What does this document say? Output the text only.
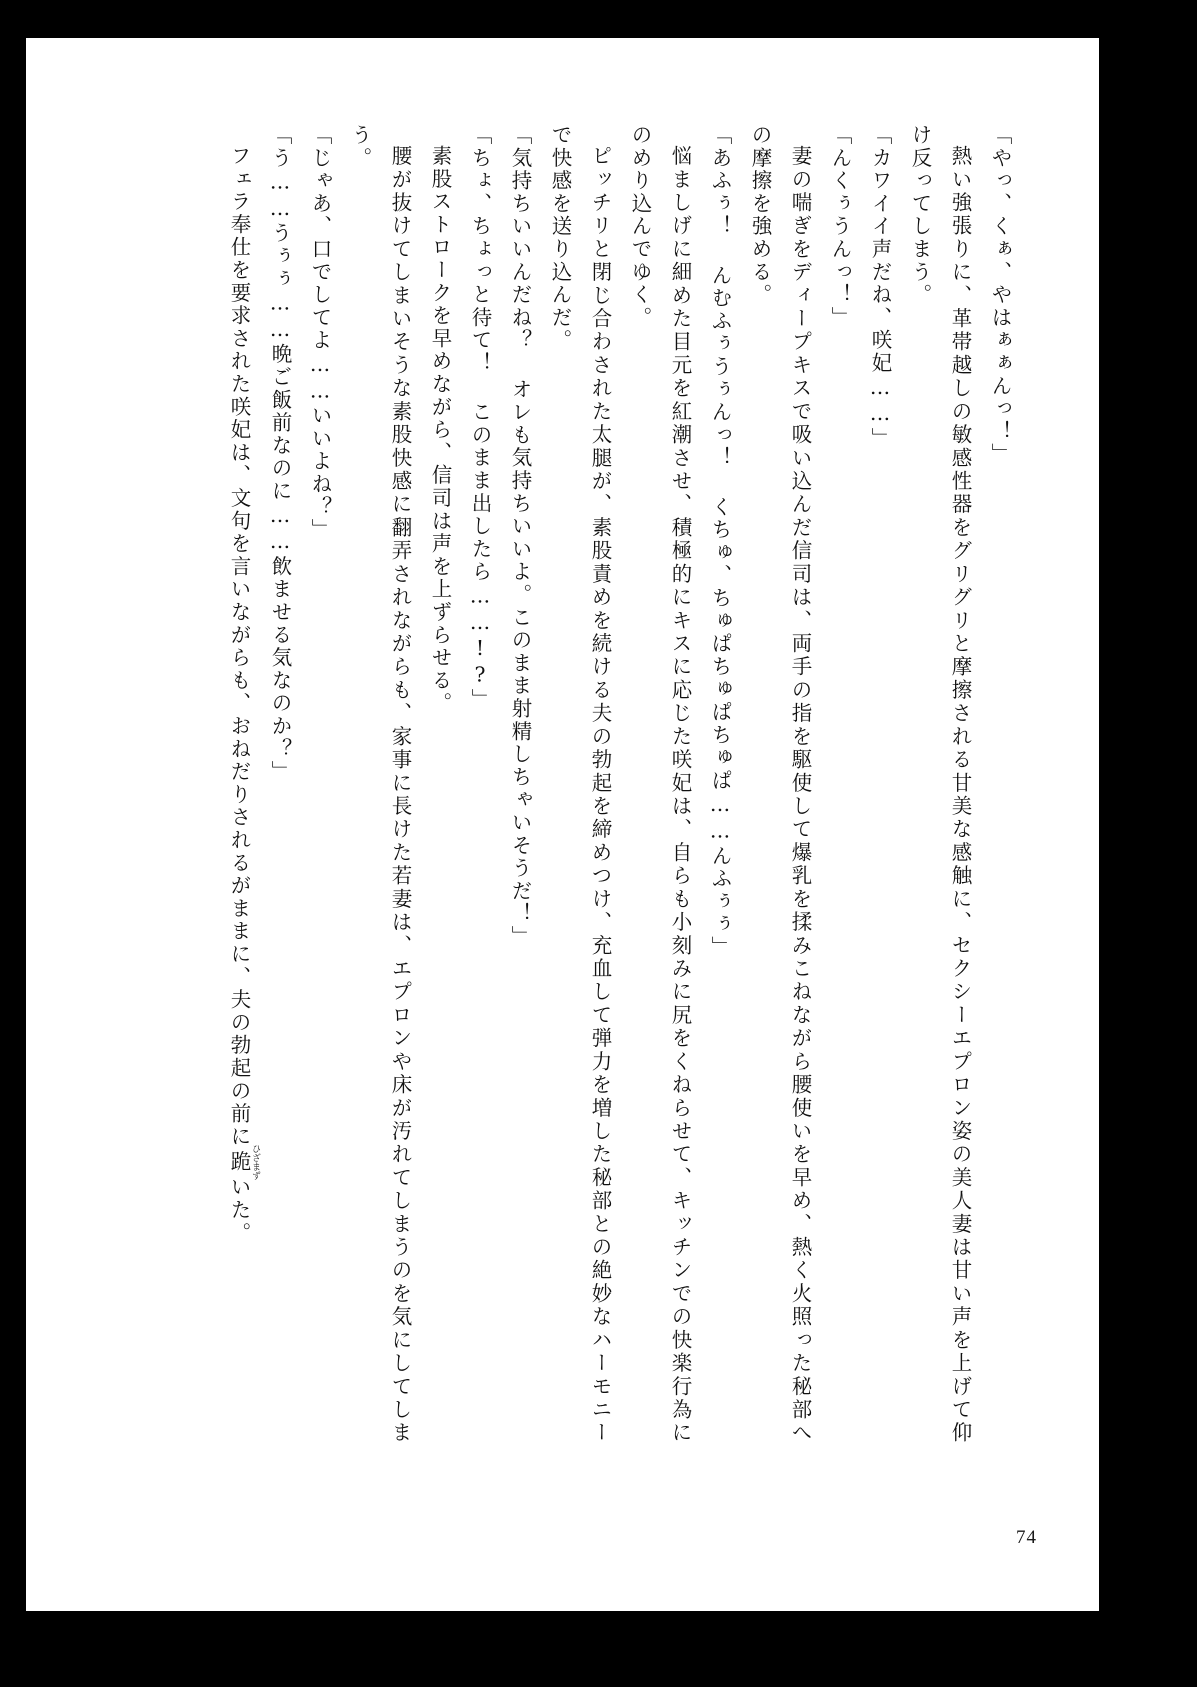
「やっ、くぁ、やはぁぁんっ！」

熱い強張りに、革帯越しの敏感性器をグリグリと摩擦される甘美な感触に、セクシーエプロン姿の美人妻は甘い声を上げて仰け反ってしまう。

「カワイイ声だね、咲妃……」

「んくぅうんっ！」

妻の喘ぎをディープキスで吸い込んだ信司は、両手の指を駆使して爆乳を揉みこねながら腰使いを早め、熱く火照った秘部への摩擦を強める。

「あふぅ！ んむふぅうぅんっ！ くちゅ、ちゅぱちゅぱちゅぱ……んふぅぅ」

悩ましげに細めた目元を紅潮させ、積極的にキスに応じた咲妃は、自らも小刻みに尻をくねらせて、キッチンでの快楽行為にのめり込んでゆく。

ピッチリと閉じ合わされた太腿が、素股責めを続ける夫の勃起を締めつけ、充血して弾力を増した秘部との絶妙なハーモニーで快感を送り込んだ。

「気持ちいいんだね？ オレも気持ちいいよ。このまま射精しちゃいそうだ！」

「ちょ、ちょっと待て！ このまま出したら……!?」

素股ストロークを早めながら、信司は声を上ずらせる。

腰が抜けてしまいそうな素股快感に翻弄されながらも、家事に長けた若妻は、エプロンや床が汚れてしまうのを気にしてしまう。

「じゃあ、口でしてよ……いいよね？」

「う……うぅぅ……晩ご飯前なのに……飲ませる気なのか？」

フェラ奉仕を要求された咲妃は、文句を言いながらも、おねだりされるがままに、夫の勃起の前に跪 ひざまずいた。

74
